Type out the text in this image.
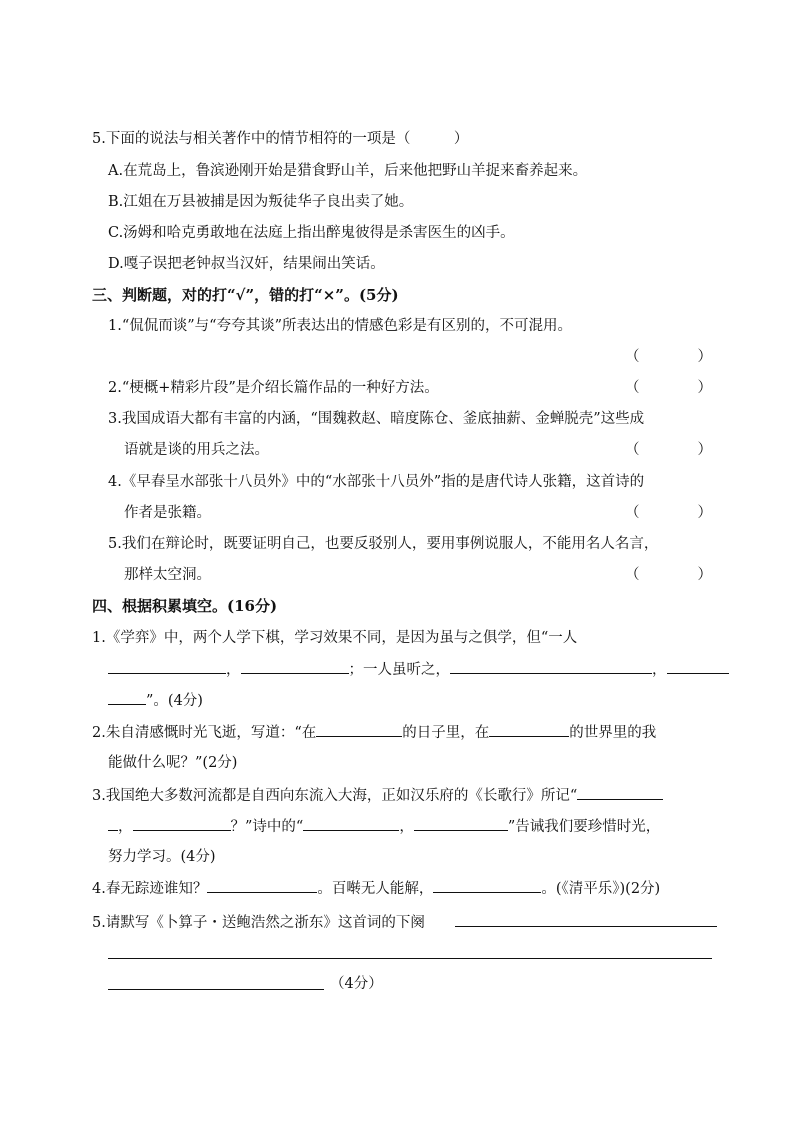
5.下面的说法与相关著作中的情节相符的一项是（　　　）
A.在荒岛上，鲁滨逊刚开始是猎食野山羊，后来他把野山羊捉来畜养起来。
B.江姐在万县被捕是因为叛徒华子良出卖了她。
C.汤姆和哈克勇敢地在法庭上指出醉鬼彼得是杀害医生的凶手。
D.嘎子误把老钟叔当汉奸，结果闹出笑话。
三、判断题，对的打“√”，错的打“×”。(5分)
1.“侃侃而谈”与“夸夸其谈”所表达出的情感色彩是有区别的，不可混用。
（　　　　）
2.“梗概+精彩片段”是介绍长篇作品的一种好方法。	（　　　　）
3.我国成语大都有丰富的内涵，“围魏救赵、暗度陈仓、釜底抽薪、金蝉脱壳”这些成
语就是谈的用兵之法。	（　　　　）
4.《早春呈水部张十八员外》中的“水部张十八员外”指的是唐代诗人张籍，这首诗的
作者是张籍。	（　　　　）
5.我们在辩论时，既要证明自己，也要反驳别人，要用事例说服人，不能用名人名言，
那样太空洞。	（　　　　）
四、根据积累填空。(16分)
1.《学弈》中，两个人学下棋，学习效果不同，是因为虽与之俱学，但“一人
，	；一人虽听之，	，
”。(4分)
2.朱自清感慨时光飞逝，写道：“在	的日子里，在	的世界里的我
能做什么呢？”(2分)
3.我国绝大多数河流都是自西向东流入大海，正如汉乐府的《长歌行》所记“
，	？”诗中的“	，	”告诫我们要珍惜时光，
努力学习。(4分)
4.春无踪迹谁知？	。百啭无人能解，	。(《清平乐》)(2分)
5.请默写《卜算子・送鲍浩然之浙东》这首词的下阕
（4分）
